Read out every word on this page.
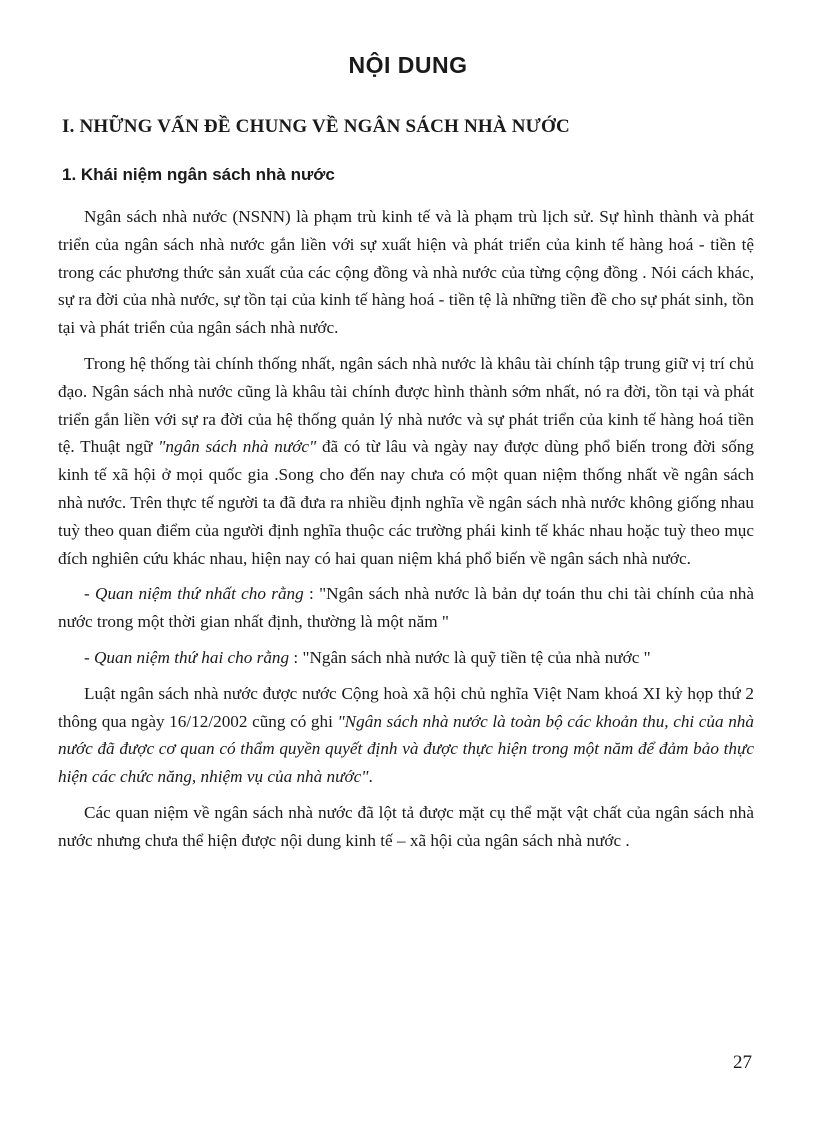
NỘI DUNG
I. NHỮNG VẤN ĐỀ CHUNG VỀ NGÂN SÁCH NHÀ NƯỚC
1. Khái niệm ngân sách nhà nước

Ngân sách nhà nước (NSNN) là phạm trù kinh tế và là phạm trù lịch sử. Sự hình thành và phát triển của ngân sách nhà nước gắn liền với sự xuất hiện và phát triển của kinh tế hàng hoá - tiền tệ trong các phương thức sản xuất của các cộng đồng và nhà nước của từng cộng đồng . Nói cách khác, sự ra đời của nhà nước, sự tồn tại của kinh tế hàng hoá - tiền tệ là những tiền đề cho sự phát sinh, tồn tại và phát triển của ngân sách nhà nước.

Trong hệ thống tài chính thống nhất, ngân sách nhà nước là khâu tài chính tập trung giữ vị trí chủ đạo. Ngân sách nhà nước cũng là khâu tài chính được hình thành sớm nhất, nó ra đời, tồn tại và phát triển gắn liền với sự ra đời của hệ thống quản lý nhà nước và sự phát triển của kinh tế hàng hoá tiền tệ. Thuật ngữ "ngân sách nhà nước" đã có từ lâu và ngày nay được dùng phổ biến trong đời sống kinh tế xã hội ở mọi quốc gia .Song cho đến nay chưa có một quan niệm thống nhất về ngân sách nhà nước. Trên thực tế người ta đã đưa ra nhiều định nghĩa về ngân sách nhà nước không giống nhau tuỳ theo quan điểm của người định nghĩa thuộc các trường phái kinh tế khác nhau hoặc tuỳ theo mục đích nghiên cứu khác nhau, hiện nay có hai quan niệm khá phổ biến về ngân sách nhà nước.

- Quan niệm thứ nhất cho rằng : "Ngân sách nhà nước là bản dự toán thu chi tài chính của nhà nước trong một thời gian nhất định, thường là một năm "

- Quan niệm thứ hai cho rằng : "Ngân sách nhà nước là quỹ tiền tệ của nhà nước "

Luật ngân sách nhà nước được nước Cộng hoà xã hội chủ nghĩa Việt Nam khoá XI kỳ họp thứ 2 thông qua ngày 16/12/2002 cũng có ghi "Ngân sách nhà nước là toàn bộ các khoản thu, chi của nhà nước đã được cơ quan có thẩm quyền quyết định và được thực hiện trong một năm để đảm bảo thực hiện các chức năng, nhiệm vụ của nhà nước".

Các quan niệm về ngân sách nhà nước đã lột tả được mặt cụ thể mặt vật chất của ngân sách nhà nước nhưng chưa thể hiện được nội dung kinh tế – xã hội của ngân sách nhà nước .

27
